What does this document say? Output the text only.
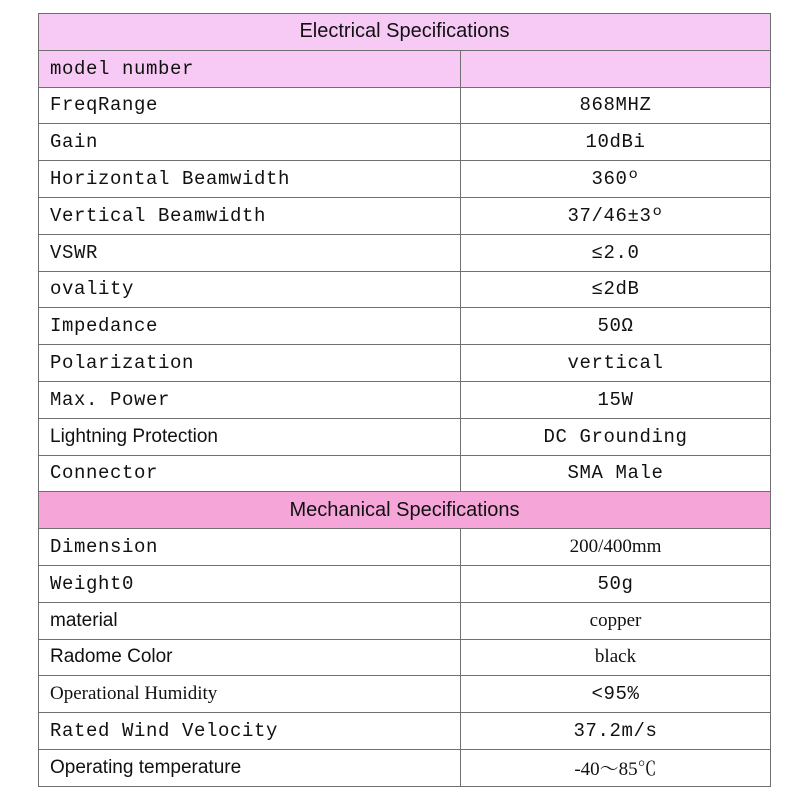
Electrical Specifications	
model number	
FreqRange	868MHZ
Gain	10dBi
Horizontal Beamwidth	360º
Vertical Beamwidth	37/46±3º
VSWR	≤2.0
ovality	≤2dB
Impedance	50Ω
Polarization	vertical
Max. Power	15W
Lightning Protection	DC Grounding
Connector	SMA Male
Mechanical Specifications	
Dimension	200/400mm
Weight0	50g
material	copper
Radome Color	black
Operational Humidity	<95%
Rated Wind Velocity	37.2m/s
Operating temperature	-40～85℃
